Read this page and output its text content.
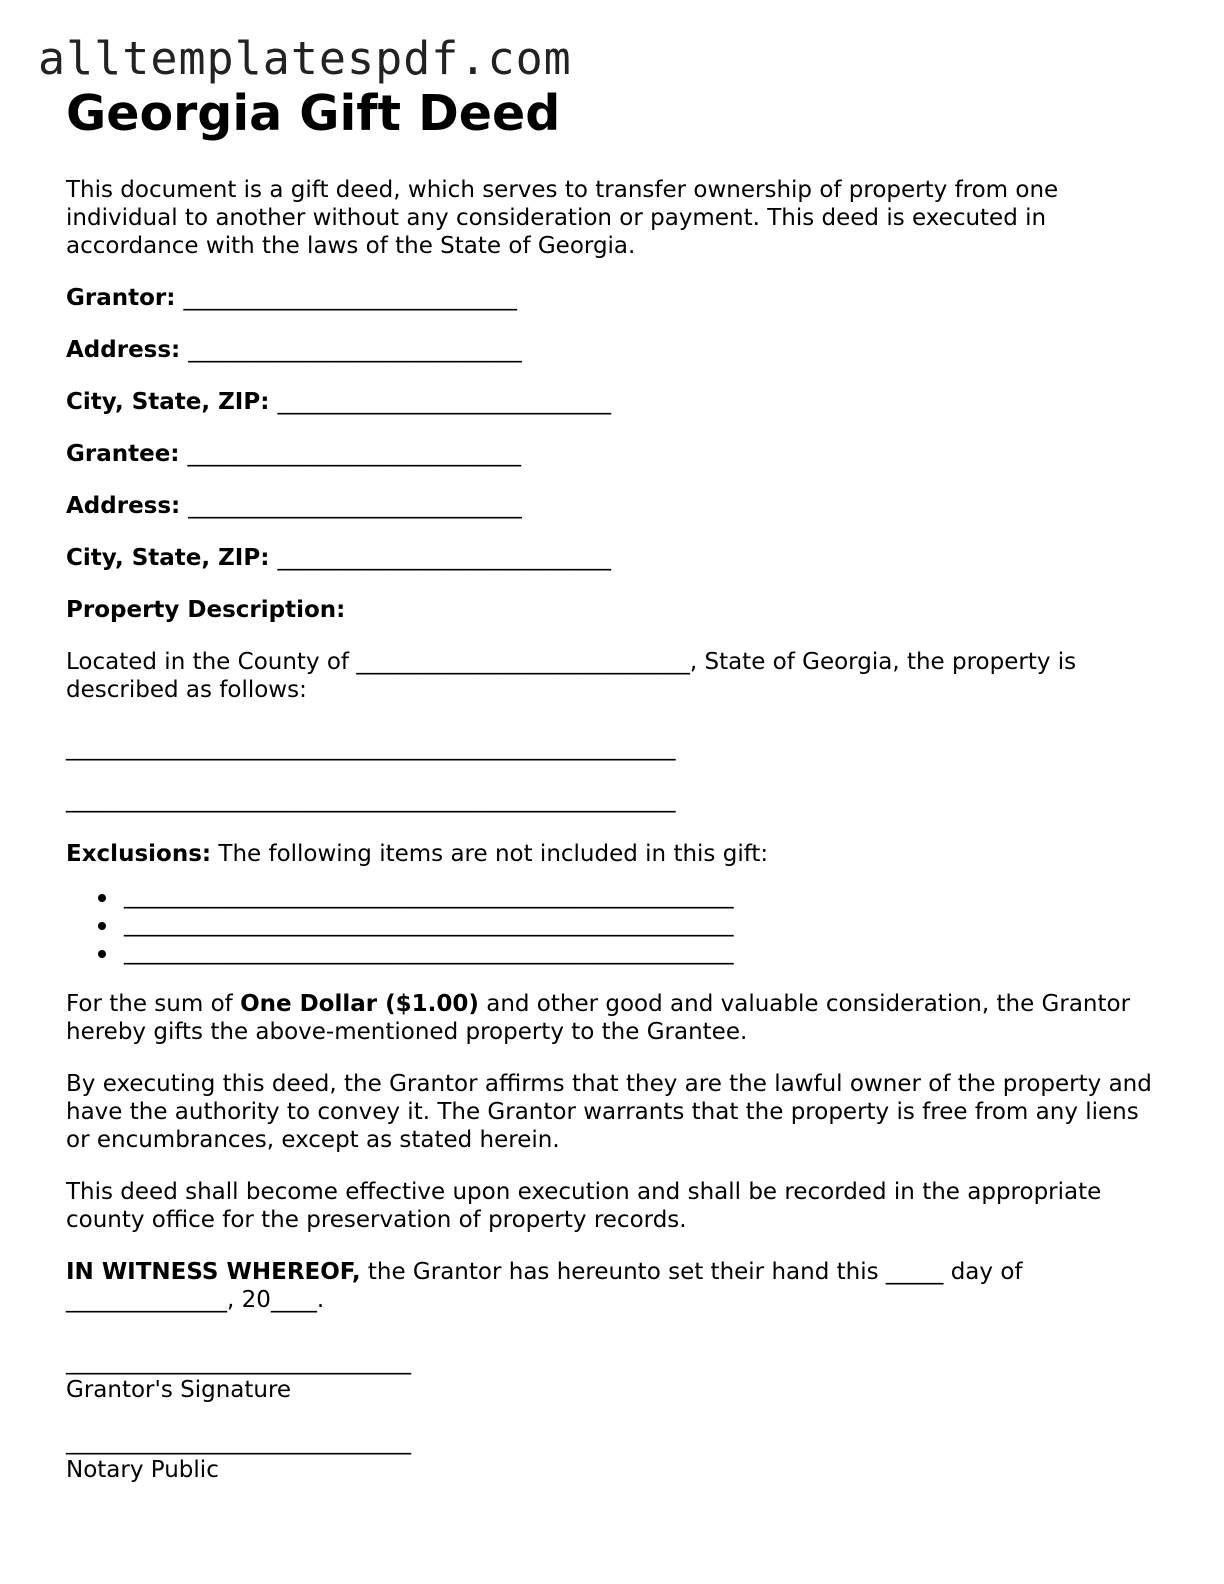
alltemplatespdf.com
Georgia Gift Deed

This document is a gift deed, which serves to transfer ownership of property from one individual to another without any consideration or payment. This deed is executed in accordance with the laws of the State of Georgia.

Grantor: _____________________________

Address: _____________________________

City, State, ZIP: _____________________________

Grantee: _____________________________

Address: _____________________________

City, State, ZIP: _____________________________

Property Description:

Located in the County of _____________________________, State of Georgia, the property is described as follows:

_____________________________________________________

_____________________________________________________

Exclusions: The following items are not included in this gift:

_____________________________________________________
_____________________________________________________
_____________________________________________________

For the sum of One Dollar ($1.00) and other good and valuable consideration, the Grantor hereby gifts the above-mentioned property to the Grantee.

By executing this deed, the Grantor affirms that they are the lawful owner of the property and have the authority to convey it. The Grantor warrants that the property is free from any liens or encumbrances, except as stated herein.

This deed shall become effective upon execution and shall be recorded in the appropriate county office for the preservation of property records.

IN WITNESS WHEREOF, the Grantor has hereunto set their hand this _____ day of ______________, 20____.

______________________________

Grantor's Signature

______________________________

Notary Public
